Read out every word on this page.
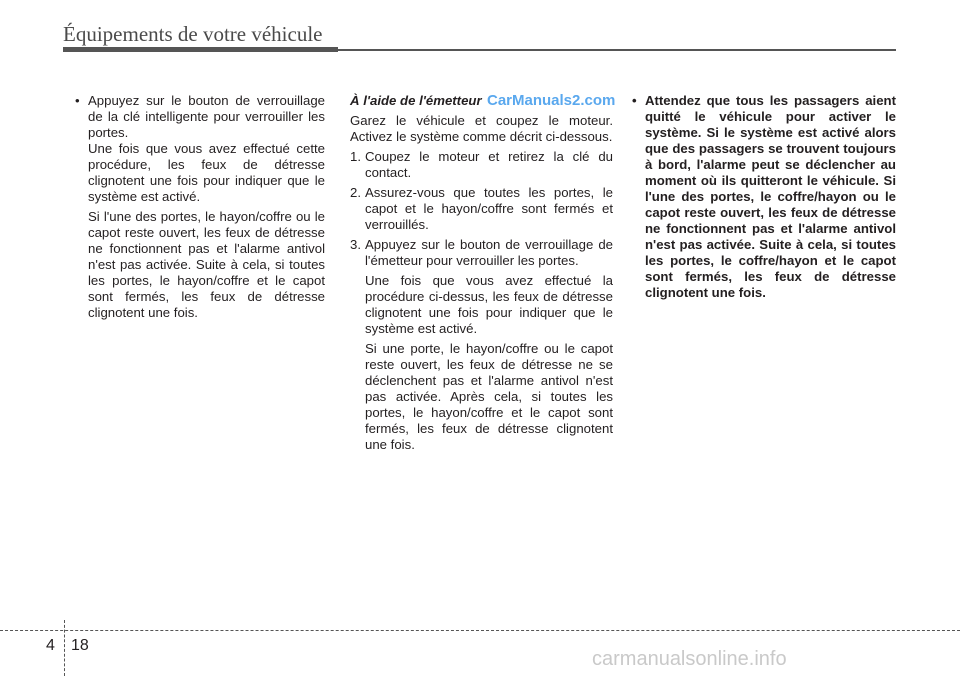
Équipements de votre véhicule
• Appuyez sur le bouton de verrouillage de la clé intelligente pour verrouiller les portes.

Une fois que vous avez effectué cette procédure, les feux de détresse clignotent une fois pour indiquer que le système est activé.

Si l'une des portes, le hayon/coffre ou le capot reste ouvert, les feux de détresse ne fonctionnent pas et l'alarme antivol n'est pas activée. Suite à cela, si toutes les portes, le hayon/coffre et le capot sont fermés, les feux de détresse clignotent une fois.

À l'aide de l'émetteur

Garez le véhicule et coupez le moteur. Activez le système comme décrit ci-dessous.

1. Coupez le moteur et retirez la clé du contact.
2. Assurez-vous que toutes les portes, le capot et le hayon/coffre sont fermés et verrouillés.
3. Appuyez sur le bouton de verrouillage de l'émetteur pour verrouiller les portes.

Une fois que vous avez effectué la procédure ci-dessus, les feux de détresse clignotent une fois pour indiquer que le système est activé.

Si une porte, le hayon/coffre ou le capot reste ouvert, les feux de détresse ne se déclenchent pas et l'alarme antivol n'est pas activée. Après cela, si toutes les portes, le hayon/coffre et le capot sont fermés, les feux de détresse clignotent une fois.

CarManuals2.com • Attendez que tous les passagers aient quitté le véhicule pour activer le système. Si le système est activé alors que des passagers se trouvent toujours à bord, l'alarme peut se déclencher au moment où ils quitteront le véhicule. Si l'une des portes, le coffre/hayon ou le capot reste ouvert, les feux de détresse ne fonctionnent pas et l'alarme antivol n'est pas activée. Suite à cela, si toutes les portes, le coffre/hayon et le capot sont fermés, les feux de détresse clignotent une fois.
4 18
carmanualsonline.info
